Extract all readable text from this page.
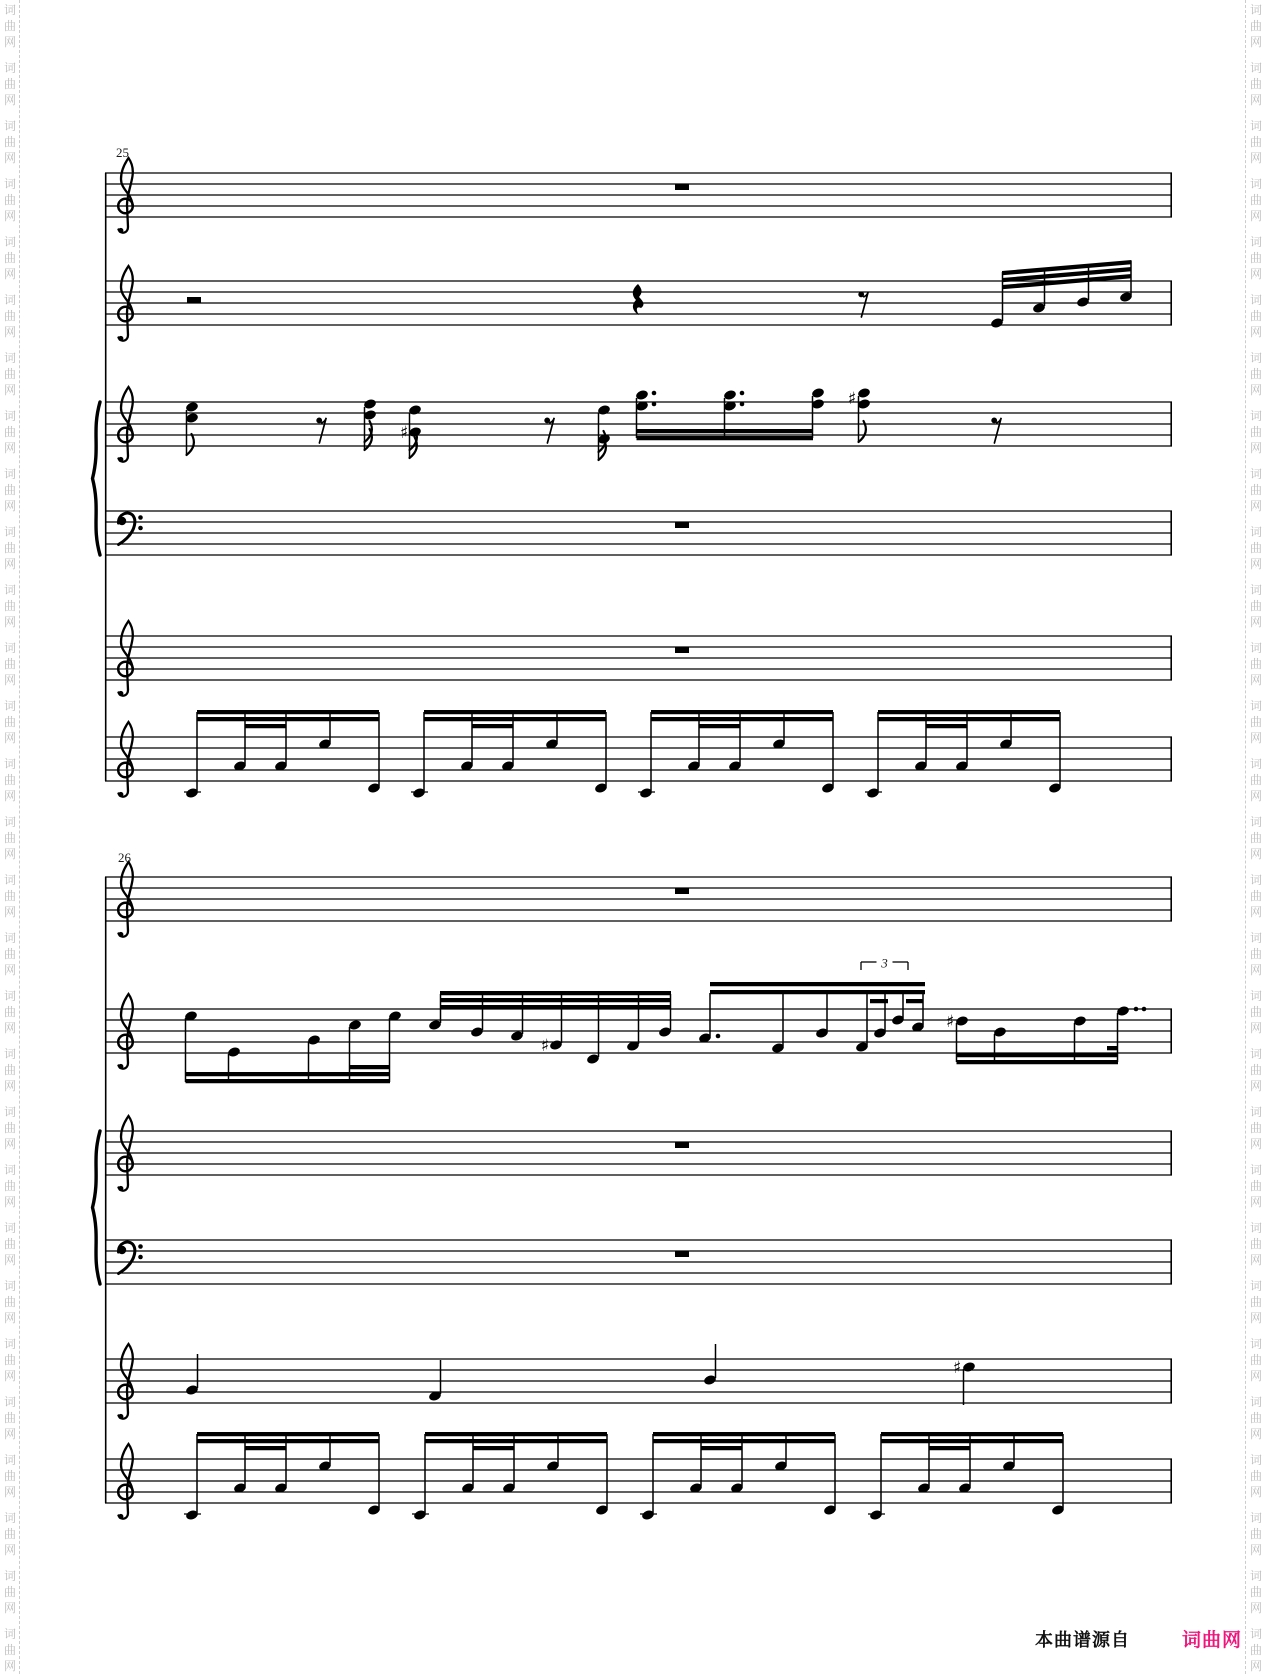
词
曲
网
词
曲
网
词
曲
网
词
曲
网
词
曲
网
词
曲
网
词
曲
网
词
曲
网
词
曲
网
词
曲
网
词
曲
网
词
曲
网
词
曲
网
词
曲
网
词
曲
网
词
曲
网
词
曲
网
词
曲
网
词
曲
网
词
曲
网
词
曲
网
词
曲
网
词
曲
网
词
曲
网
词
曲
网
词
曲
网
词
曲
网
词
曲
网
词
曲
网
词
曲
网
词
曲
网
词
曲
网
词
曲
网
词
曲
网
词
曲
网
词
曲
网
词
曲
网
词
曲
网
词
曲
网
词
曲
网
词
曲
网
词
曲
网
词
曲
网
词
曲
网
词
曲
网
词
曲
网
词
曲
网
词
曲
网
词
曲
网
词
曲
网
词
曲
网
词
曲
网
词
曲
网
词
曲
网
词
曲
网
词
曲
网
词
曲
网
词
曲
网
25
♯
♯
26
♯
3
♯
♯
本曲谱源自	词曲网
